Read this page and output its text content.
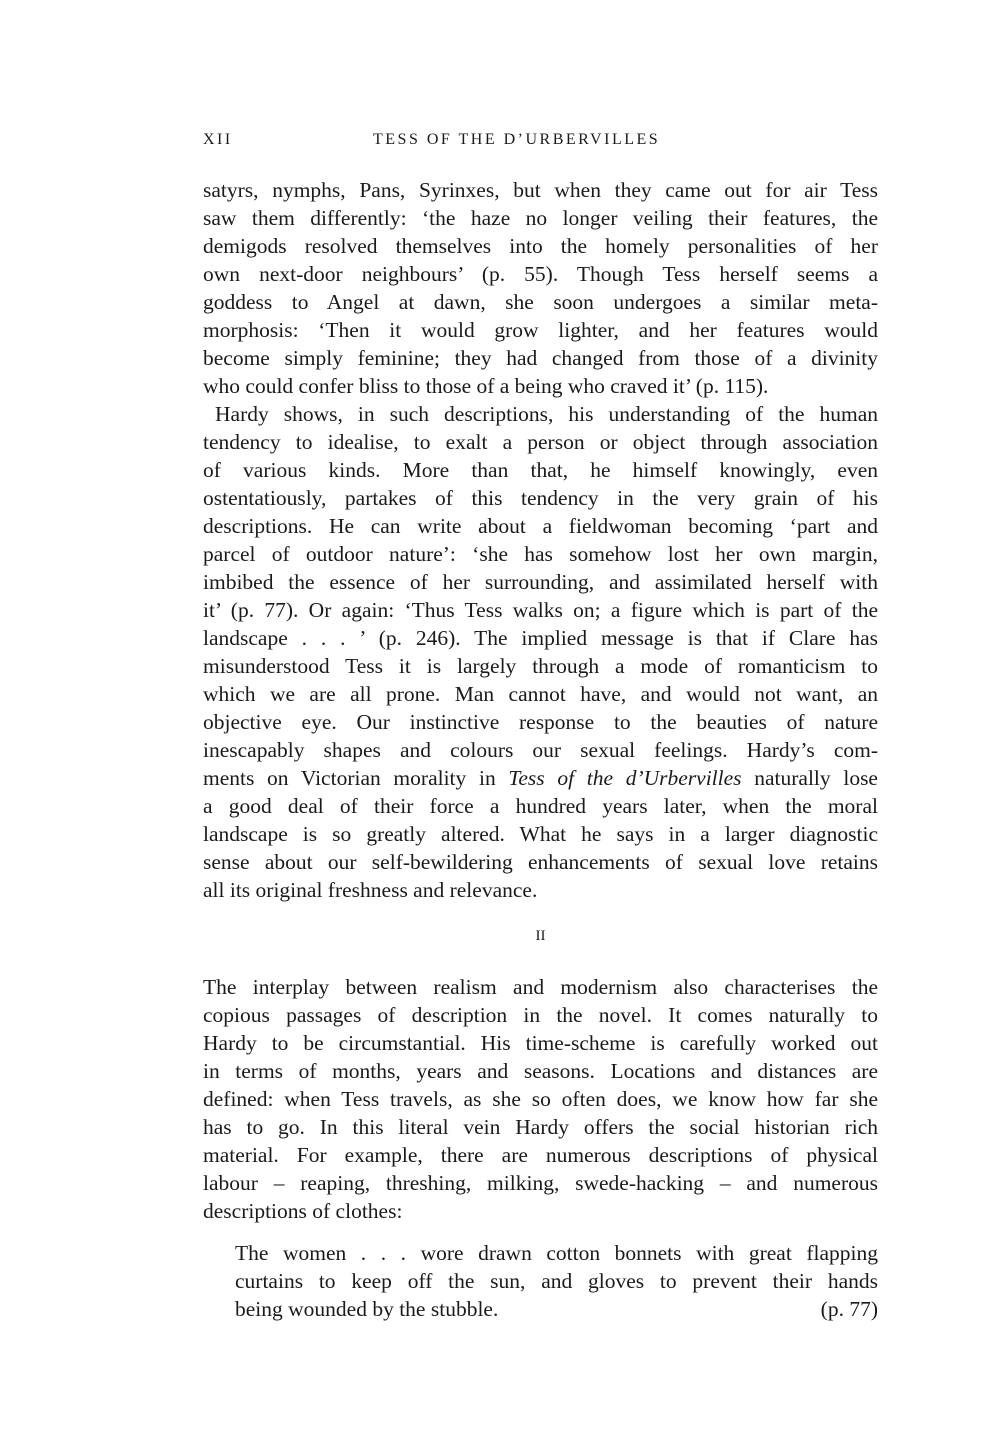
XII	TESS OF THE D’URBERVILLES
satyrs, nymphs, Pans, Syrinxes, but when they came out for air Tess
saw them differently: ‘the haze no longer veiling their features, the
demigods resolved themselves into the homely personalities of her
own next-door neighbours’ (p. 55). Though Tess herself seems a
goddess to Angel at dawn, she soon undergoes a similar meta-
morphosis: ‘Then it would grow lighter, and her features would
become simply feminine; they had changed from those of a divinity
who could confer bliss to those of a being who craved it’ (p. 115).
Hardy shows, in such descriptions, his understanding of the human
tendency to idealise, to exalt a person or object through association
of various kinds. More than that, he himself knowingly, even
ostentatiously, partakes of this tendency in the very grain of his
descriptions. He can write about a fieldwoman becoming ‘part and
parcel of outdoor nature’: ‘she has somehow lost her own margin,
imbibed the essence of her surrounding, and assimilated herself with
it’ (p. 77). Or again: ‘Thus Tess walks on; a figure which is part of the
landscape . . . ’ (p. 246). The implied message is that if Clare has
misunderstood Tess it is largely through a mode of romanticism to
which we are all prone. Man cannot have, and would not want, an
objective eye. Our instinctive response to the beauties of nature
inescapably shapes and colours our sexual feelings. Hardy’s com-
ments on Victorian morality in Tess of the d’Urbervilles naturally lose
a good deal of their force a hundred years later, when the moral
landscape is so greatly altered. What he says in a larger diagnostic
sense about our self-bewildering enhancements of sexual love retains
all its original freshness and relevance.
II
The interplay between realism and modernism also characterises the
copious passages of description in the novel. It comes naturally to
Hardy to be circumstantial. His time-scheme is carefully worked out
in terms of months, years and seasons. Locations and distances are
defined: when Tess travels, as she so often does, we know how far she
has to go. In this literal vein Hardy offers the social historian rich
material. For example, there are numerous descriptions of physical
labour – reaping, threshing, milking, swede-hacking – and numerous
descriptions of clothes:
The women . . . wore drawn cotton bonnets with great flapping
curtains to keep off the sun, and gloves to prevent their hands
being wounded by the stubble.	(p. 77)
